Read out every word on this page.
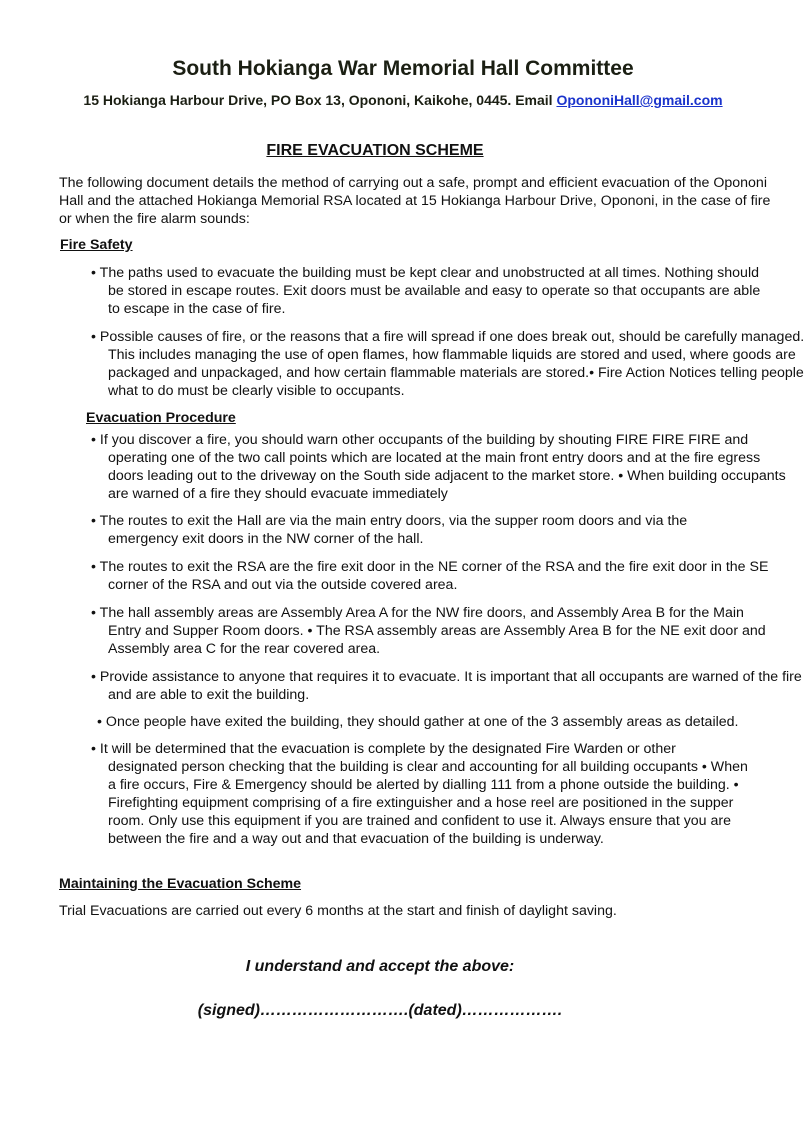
South Hokianga War Memorial Hall Committee
15 Hokianga Harbour Drive, PO Box 13, Opononi, Kaikohe, 0445. Email OpononiHall@gmail.com
FIRE EVACUATION SCHEME
The following document details the method of carrying out a safe, prompt and efficient evacuation of the Opononi Hall and the attached Hokianga Memorial RSA located at 15 Hokianga Harbour Drive, Opononi, in the case of fire or when the fire alarm sounds:
Fire Safety
• The paths used to evacuate the building must be kept clear and unobstructed at all times. Nothing should be stored in escape routes. Exit doors must be available and easy to operate so that occupants are able to escape in the case of fire.
• Possible causes of fire, or the reasons that a fire will spread if one does break out, should be carefully managed. This includes managing the use of open flames, how flammable liquids are stored and used, where goods are packaged and unpackaged, and how certain flammable materials are stored.• Fire Action Notices telling people what to do must be clearly visible to occupants.
Evacuation Procedure
• If you discover a fire, you should warn other occupants of the building by shouting FIRE FIRE FIRE and operating one of the two call points which are located at the main front entry doors and at the fire egress doors leading out to the driveway on the South side adjacent to the market store. • When building occupants are warned of a fire they should evacuate immediately
• The routes to exit the Hall are via the main entry doors, via the supper room doors and via the emergency exit doors in the NW corner of the hall.
• The routes to exit the RSA are the fire exit door in the NE corner of the RSA and the fire exit door in the SE corner of the RSA and out via the outside covered area.
• The hall assembly areas are Assembly Area A for the NW fire doors, and Assembly Area B for the Main Entry and Supper Room doors. • The RSA assembly areas are Assembly Area B for the NE exit door and Assembly area C for the rear covered area.
• Provide assistance to anyone that requires it to evacuate. It is important that all occupants are warned of the fire and are able to exit the building.
• Once people have exited the building, they should gather at one of the 3 assembly areas as detailed.
• It will be determined that the evacuation is complete by the designated Fire Warden or other designated person checking that the building is clear and accounting for all building occupants • When a fire occurs, Fire & Emergency should be alerted by dialling 111 from a phone outside the building. • Firefighting equipment comprising of a fire extinguisher and a hose reel are positioned in the supper room. Only use this equipment if you are trained and confident to use it. Always ensure that you are between the fire and a way out and that evacuation of the building is underway.
Maintaining the Evacuation Scheme
Trial Evacuations are carried out every 6 months at the start and finish of daylight saving.
I understand and accept the above:
(signed)……………………….(dated)……………….
